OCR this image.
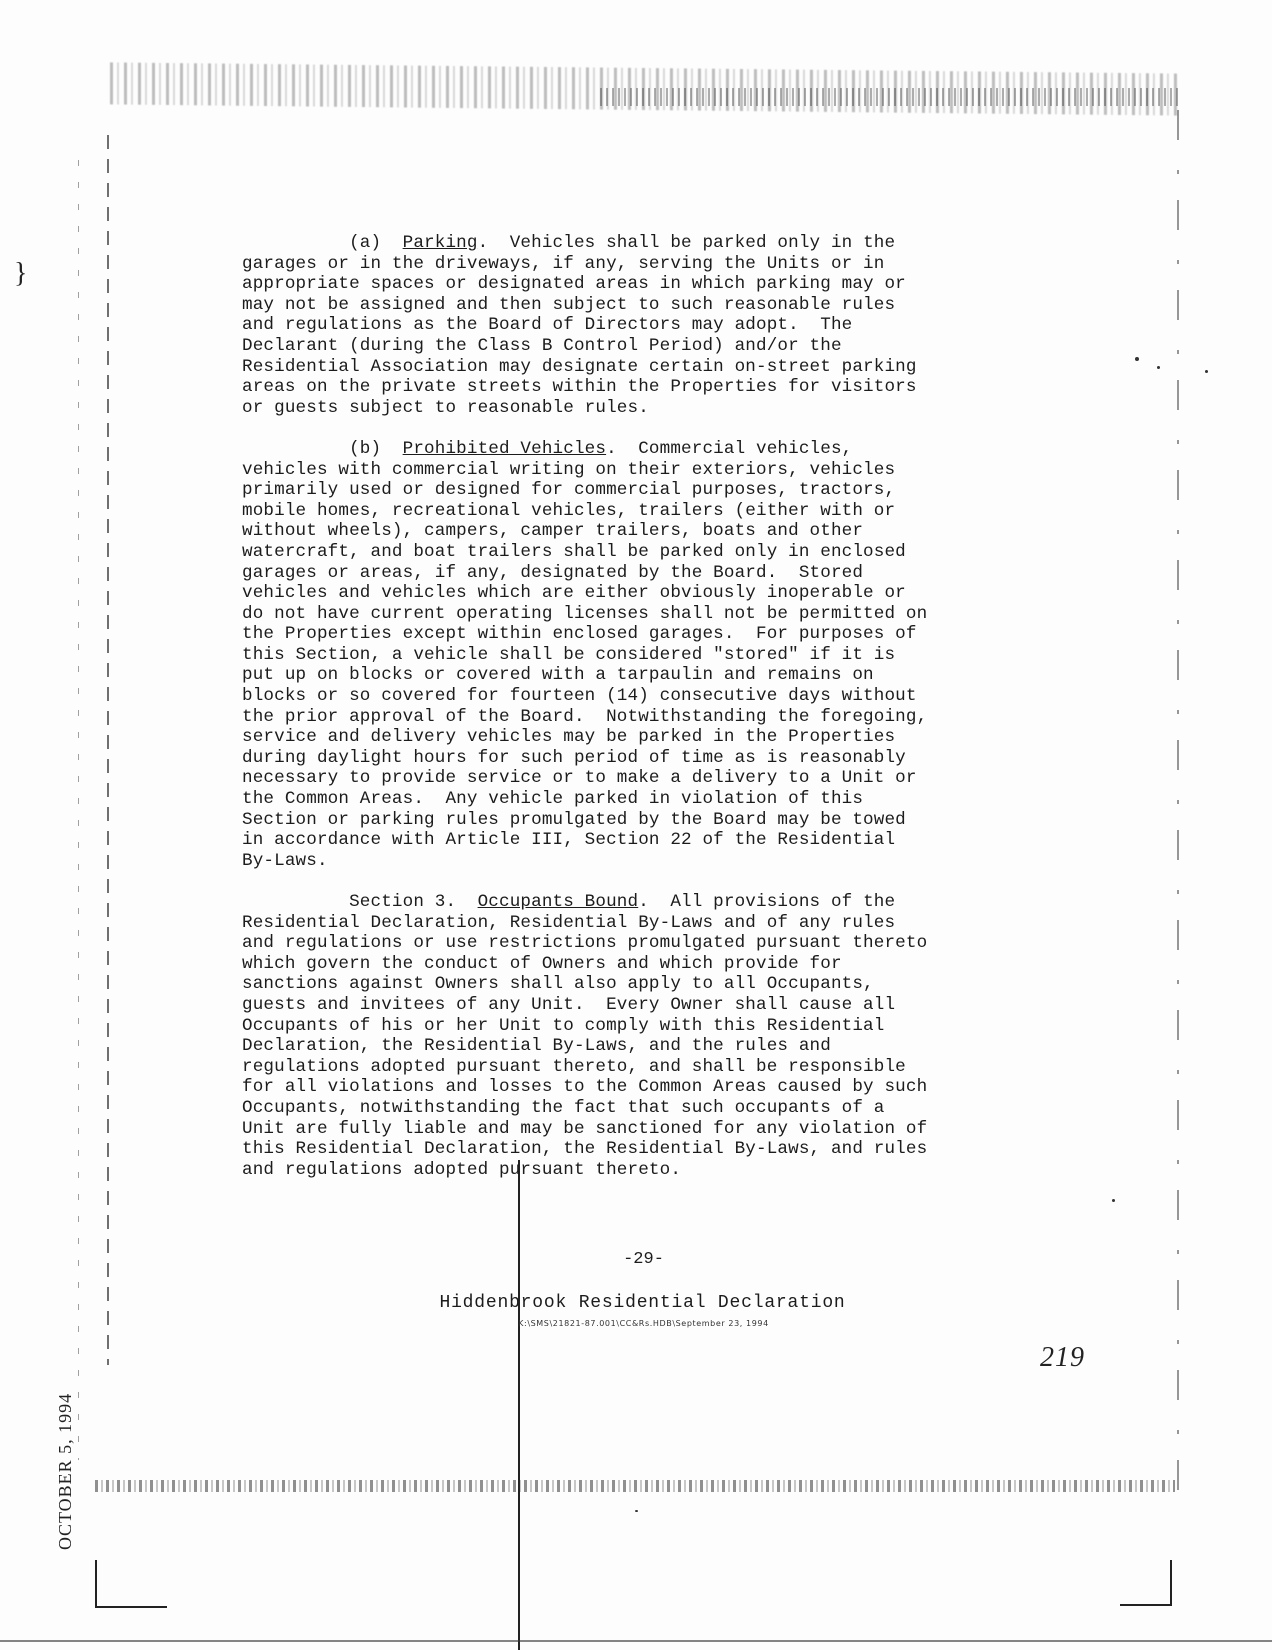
}
OCTOBER 5, 1994
(a)  Parking.  Vehicles shall be parked only in the
garages or in the driveways, if any, serving the Units or in
appropriate spaces or designated areas in which parking may or
may not be assigned and then subject to such reasonable rules
and regulations as the Board of Directors may adopt.  The
Declarant (during the Class B Control Period) and/or the
Residential Association may designate certain on-street parking
areas on the private streets within the Properties for visitors
or guests subject to reasonable rules.
(b)  Prohibited Vehicles.  Commercial vehicles,
vehicles with commercial writing on their exteriors, vehicles
primarily used or designed for commercial purposes, tractors,
mobile homes, recreational vehicles, trailers (either with or
without wheels), campers, camper trailers, boats and other
watercraft, and boat trailers shall be parked only in enclosed
garages or areas, if any, designated by the Board.  Stored
vehicles and vehicles which are either obviously inoperable or
do not have current operating licenses shall not be permitted on
the Properties except within enclosed garages.  For purposes of
this Section, a vehicle shall be considered "stored" if it is
put up on blocks or covered with a tarpaulin and remains on
blocks or so covered for fourteen (14) consecutive days without
the prior approval of the Board.  Notwithstanding the foregoing,
service and delivery vehicles may be parked in the Properties
during daylight hours for such period of time as is reasonably
necessary to provide service or to make a delivery to a Unit or
the Common Areas.  Any vehicle parked in violation of this
Section or parking rules promulgated by the Board may be towed
in accordance with Article III, Section 22 of the Residential
By-Laws.
Section 3.  Occupants Bound.  All provisions of the
Residential Declaration, Residential By-Laws and of any rules
and regulations or use restrictions promulgated pursuant thereto
which govern the conduct of Owners and which provide for
sanctions against Owners shall also apply to all Occupants,
guests and invitees of any Unit.  Every Owner shall cause all
Occupants of his or her Unit to comply with this Residential
Declaration, the Residential By-Laws, and the rules and
regulations adopted pursuant thereto, and shall be responsible
for all violations and losses to the Common Areas caused by such
Occupants, notwithstanding the fact that such occupants of a
Unit are fully liable and may be sanctioned for any violation of
this Residential Declaration, the Residential By-Laws, and rules
and regulations adopted pursuant thereto.
-29-
Hiddenbrook Residential Declaration
K:\SMS\21821-87.001\CC&Rs.HDB\September 23, 1994
219
